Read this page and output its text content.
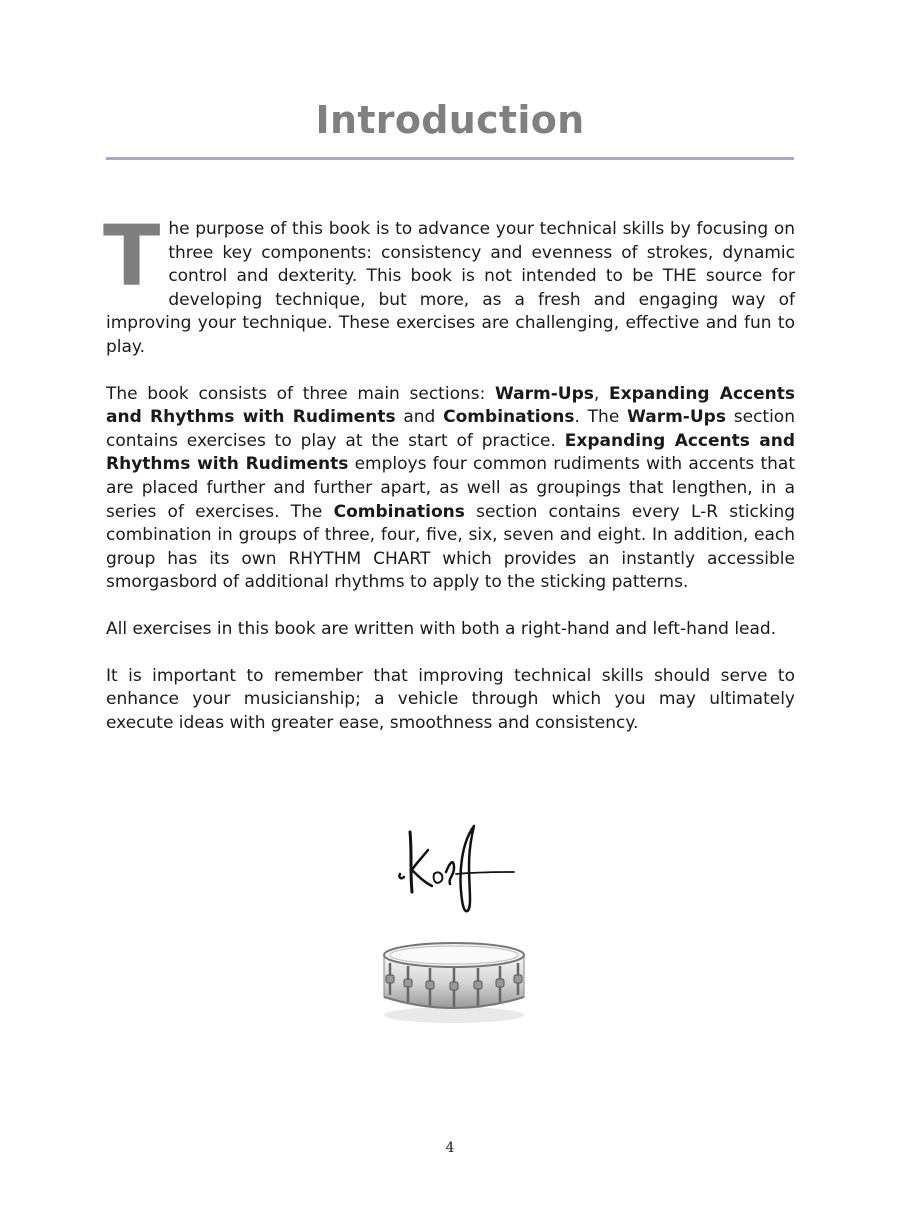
Introduction

The purpose of this book is to advance your technical skills by focusing on three key components: consistency and evenness of strokes, dynamic control and dexterity. This book is not intended to be THE source for developing technique, but more, as a fresh and engaging way of improving your technique. These exercises are challenging, effective and fun to play.

The book consists of three main sections: Warm-Ups, Expanding Accents and Rhythms with Rudiments and Combinations. The Warm-Ups section contains exercises to play at the start of practice. Expanding Accents and Rhythms with Rudiments employs four common rudiments with accents that are placed further and further apart, as well as groupings that lengthen, in a series of exercises. The Combinations section contains every L-R sticking combination in groups of three, four, five, six, seven and eight. In addition, each group has its own RHYTHM CHART which provides an instantly accessible smorgasbord of additional rhythms to apply to the sticking patterns.

All exercises in this book are written with both a right-hand and left-hand lead.

It is important to remember that improving technical skills should serve to enhance your musicianship; a vehicle through which you may ultimately execute ideas with greater ease, smoothness and consistency.

4
